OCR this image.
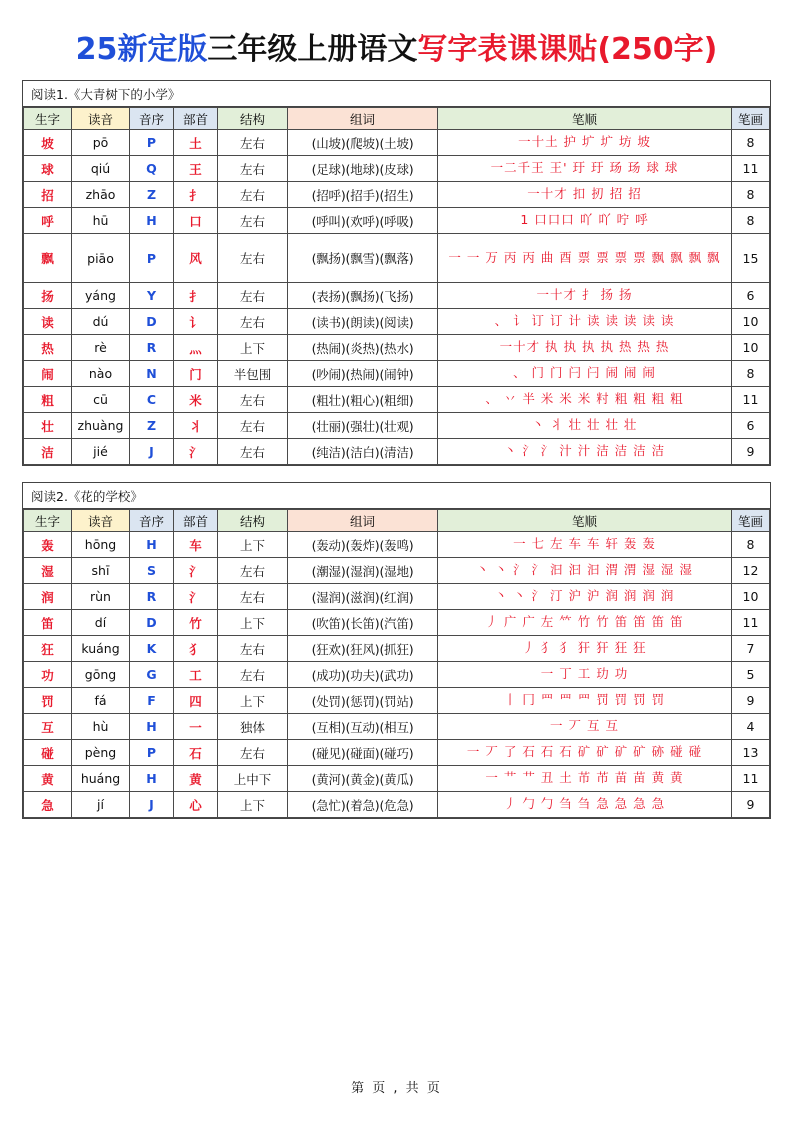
25新定版三年级上册语文写字表课课贴(250字)
阅读1.《大青树下的小学》
生字	读音	音序	部首	结构	组词	笔顺	笔画
坡	pō	P	土	左右	(山坡)(爬坡)(土坡)	一十土 护 圹 圹 坊 坡	8
球	qiú	Q	王	左右	(足球)(地球)(皮球)	一二千王 王' 玗 玗 玚 玚 球 球	11
招	zhāo	Z	扌	左右	(招呼)(招手)(招生)	一十才 扣 扨 招 招	8
呼	hū	H	口	左右	(呼叫)(欢呼)(呼吸)	1 口口口 吖 吖 咛 呼	8
飘	piāo	P	风	左右	(飘扬)(飘雪)(飘落)	一 一 万 丙 丙 曲 酉 票 票 票 票 飘 飘 飘 飘	15
扬	yáng	Y	扌	左右	(表扬)(飘扬)(飞扬)	一十才 扌 扬 扬	6
读	dú	D	讠	左右	(读书)(朗读)(阅读)	、 讠 订 订 计 读 读 读 读 读	10
热	rè	R	灬	上下	(热闹)(炎热)(热水)	一十才 执 执 执 执 热 热 热	10
闹	nào	N	门	半包围	(吵闹)(热闹)(闹钟)	、 门 门 闩 闩 闹 闹 闹	8
粗	cū	C	米	左右	(粗壮)(粗心)(粗细)	、 丷 半 米 米 米 籿 粗 粗 粗 粗	11
壮	zhuàng	Z	丬	左右	(壮丽)(强壮)(壮观)	丶 丬 壮 壮 壮 壮	6
洁	jié	J	氵	左右	(纯洁)(洁白)(清洁)	丶 氵 氵 汁 汁 洁 洁 洁 洁	9
阅读2.《花的学校》
生字	读音	音序	部首	结构	组词	笔顺	笔画
轰	hōng	H	车	上下	(轰动)(轰炸)(轰鸣)	一 七 左 车 车 轩 轰 轰	8
湿	shī	S	氵	左右	(潮湿)(湿润)(湿地)	丶 丶 氵 氵 汩 汩 汩 渭 渭 湿 湿 湿	12
润	rùn	R	氵	左右	(湿润)(滋润)(红润)	丶 丶 氵 汀 沪 沪 润 润 润 润	10
笛	dí	D	竹	上下	(吹笛)(长笛)(汽笛)	丿 广 广 左 𥫗 竹 竹 笛 笛 笛 笛	11
狂	kuáng	K	犭	左右	(狂欢)(狂风)(抓狂)	丿 犭 犭 犴 犴 狂 狂	7
功	gōng	G	工	左右	(成功)(功夫)(武功)	一 丁 工 玏 功	5
罚	fá	F	四	上下	(处罚)(惩罚)(罚站)	丨 冂 罒 罒 罒 罚 罚 罚 罚	9
互	hù	H	一	独体	(互相)(互动)(相互)	一 丆 互 互	4
碰	pèng	P	石	左右	(碰见)(碰面)(碰巧)	一 丆 了 石 石 石 矿 矿 矿 矿 硛 碰 碰	13
黄	huáng	H	黄	上中下	(黄河)(黄金)(黄瓜)	一 艹 艹 丑 土 芇 芇 苗 苗 黄 黄	11
急	jí	J	心	上下	(急忙)(着急)(危急)	丿 勹 勹 刍 刍 急 急 急 急	9
第 页 , 共 页
